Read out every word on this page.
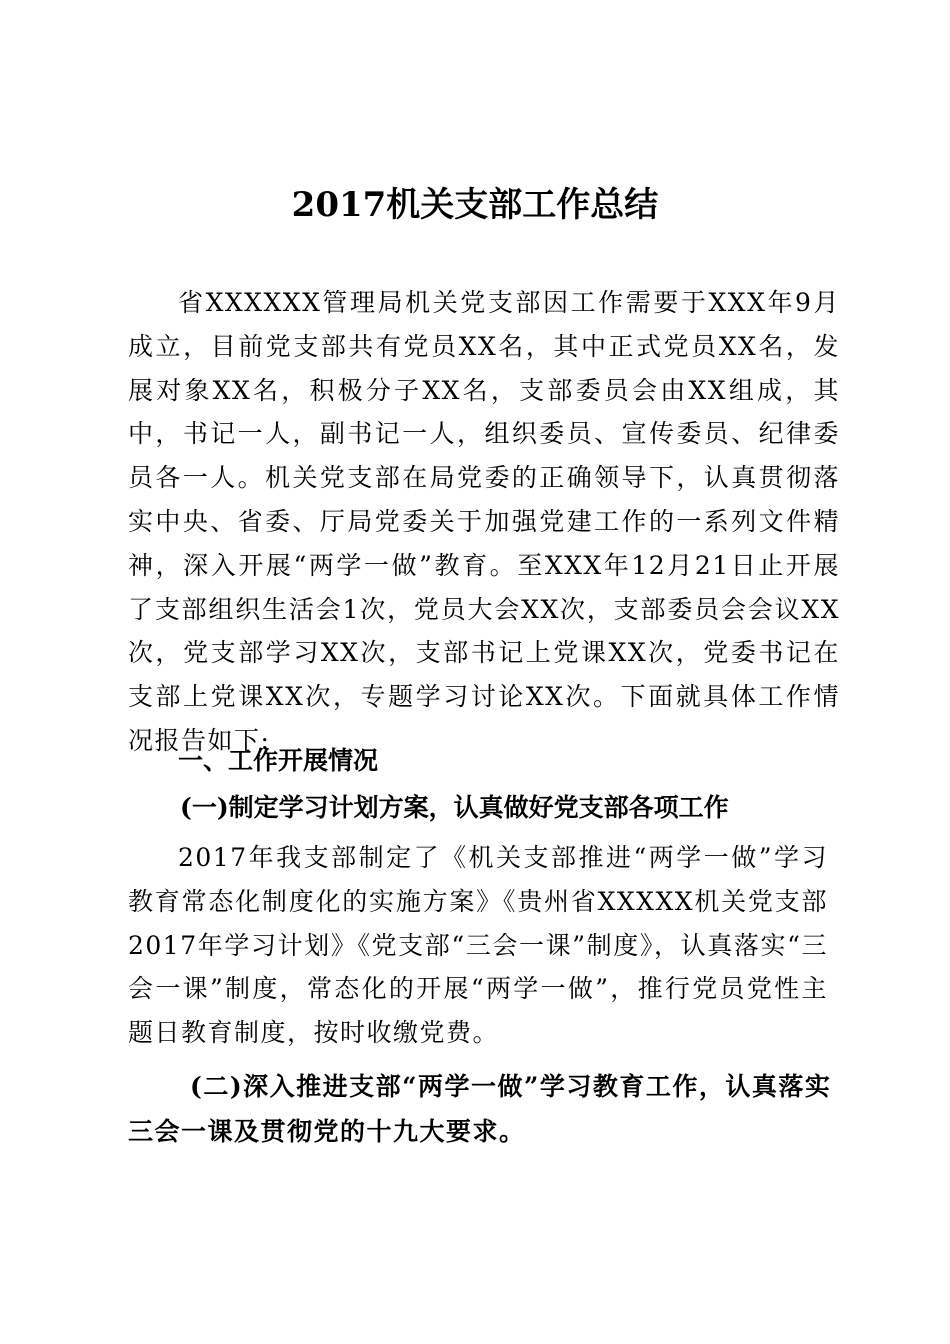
2017机关支部工作总结

省XXXXXX管理局机关党支部因工作需要于XXX年9月成立，目前党支部共有党员XX名，其中正式党员XX名，发展对象XX名，积极分子XX名，支部委员会由XX组成，其中，书记一人，副书记一人，组织委员、宣传委员、纪律委员各一人。机关党支部在局党委的正确领导下，认真贯彻落实中央、省委、厅局党委关于加强党建工作的一系列文件精神，深入开展“两学一做”教育。至XXX年12月21日止开展了支部组织生活会1次，党员大会XX次，支部委员会会议XX次，党支部学习XX次，支部书记上党课XX次，党委书记在支部上党课XX次，专题学习讨论XX次。下面就具体工作情况报告如下:

一、工作开展情况
(一)制定学习计划方案，认真做好党支部各项工作

2017年我支部制定了《机关支部推进“两学一做”学习教育常态化制度化的实施方案》《贵州省XXXXX机关党支部2017年学习计划》《党支部“三会一课”制度》，认真落实“三会一课”制度，常态化的开展“两学一做”，推行党员党性主题日教育制度，按时收缴党费。

(二)深入推进支部“两学一做”学习教育工作，认真落实三会一课及贯彻党的十九大要求。
